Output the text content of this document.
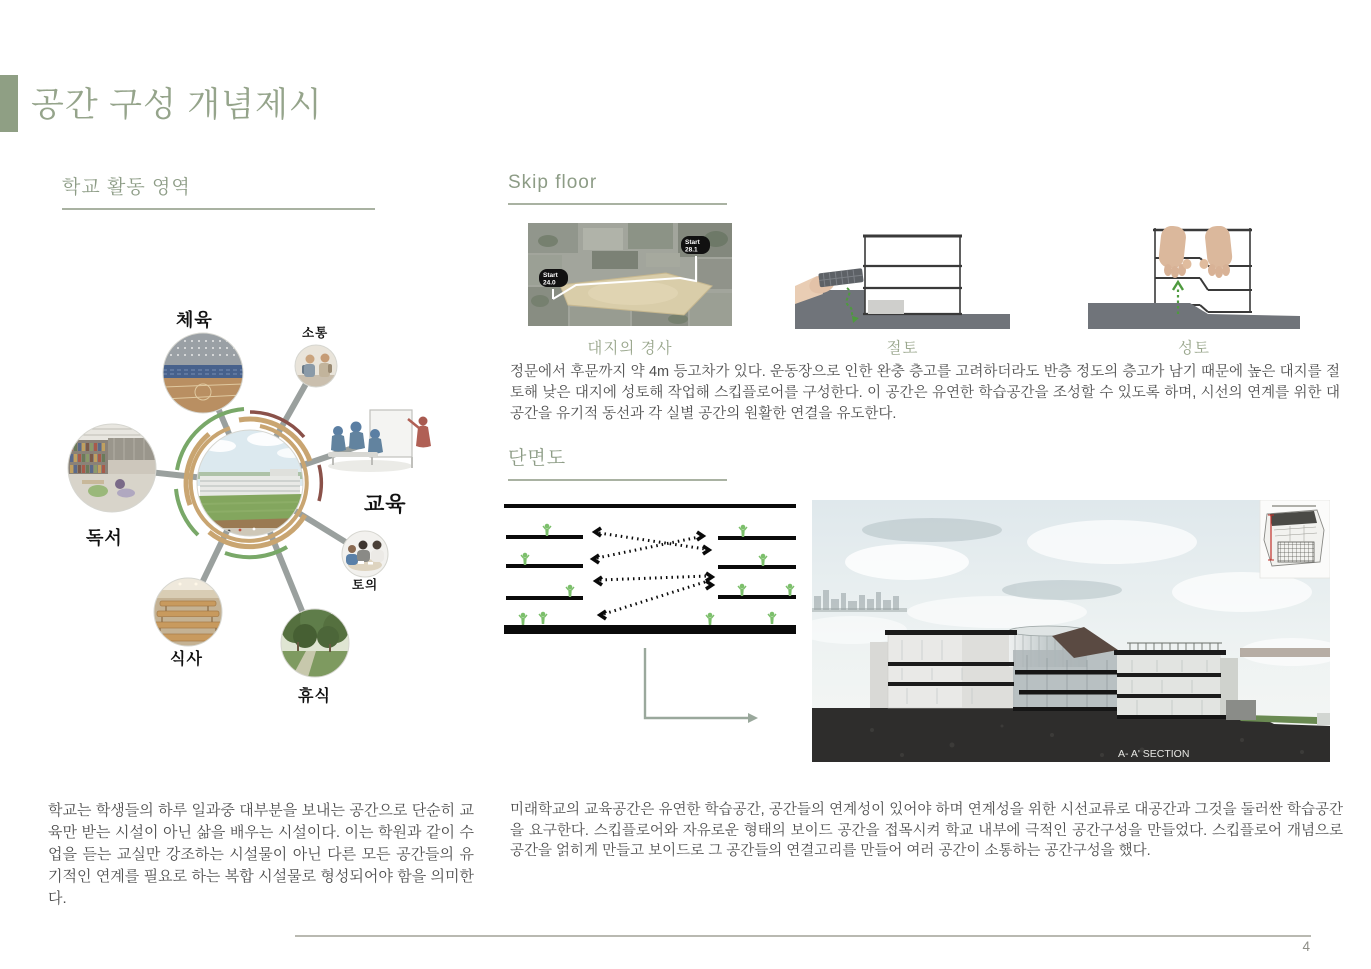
공간 구성 개념제시
학교 활동 영역	Skip floor
단면도
체육
소통
교육
토의
휴식
식사
독서
Start
24.0
Start
28.1
대지의 경사	절토	성토

정문에서 후문까지 약 4m 등고차가 있다. 운동장으로 인한 완충 층고를 고려하더라도 반층 정도의 층고가 남기 때문에 높은 대지를 절토해 낮은 대지에 성토해 작업해 스킵플로어를 구성한다. 이 공간은 유연한 학습공간을 조성할 수 있도록 하며, 시선의 연계를 위한 대공간을 유기적 동선과 각 실별 공간의 원활한 연결을 유도한다.

A- A' SECTION

학교는 학생들의 하루 일과중 대부분을 보내는 공간으로 단순히 교육만 받는 시설이 아닌 삶을 배우는 시설이다. 이는 학원과 같이 수업을 듣는 교실만 강조하는 시설물이 아닌 다른 모든 공간들의 유기적인 연계를 필요로 하는 복합 시설물로 형성되어야 함을 의미한다.

미래학교의 교육공간은 유연한 학습공간, 공간들의 연계성이 있어야 하며 연계성을 위한 시선교류로 대공간과 그것을 둘러싼 학습공간을 요구한다. 스킵플로어와 자유로운 형태의 보이드 공간을 접목시켜 학교 내부에 극적인 공간구성을 만들었다. 스킵플로어 개념으로 공간을 얽히게 만들고 보이드로 그 공간들의 연결고리를 만들어 여러 공간이 소통하는 공간구성을 했다.

4
